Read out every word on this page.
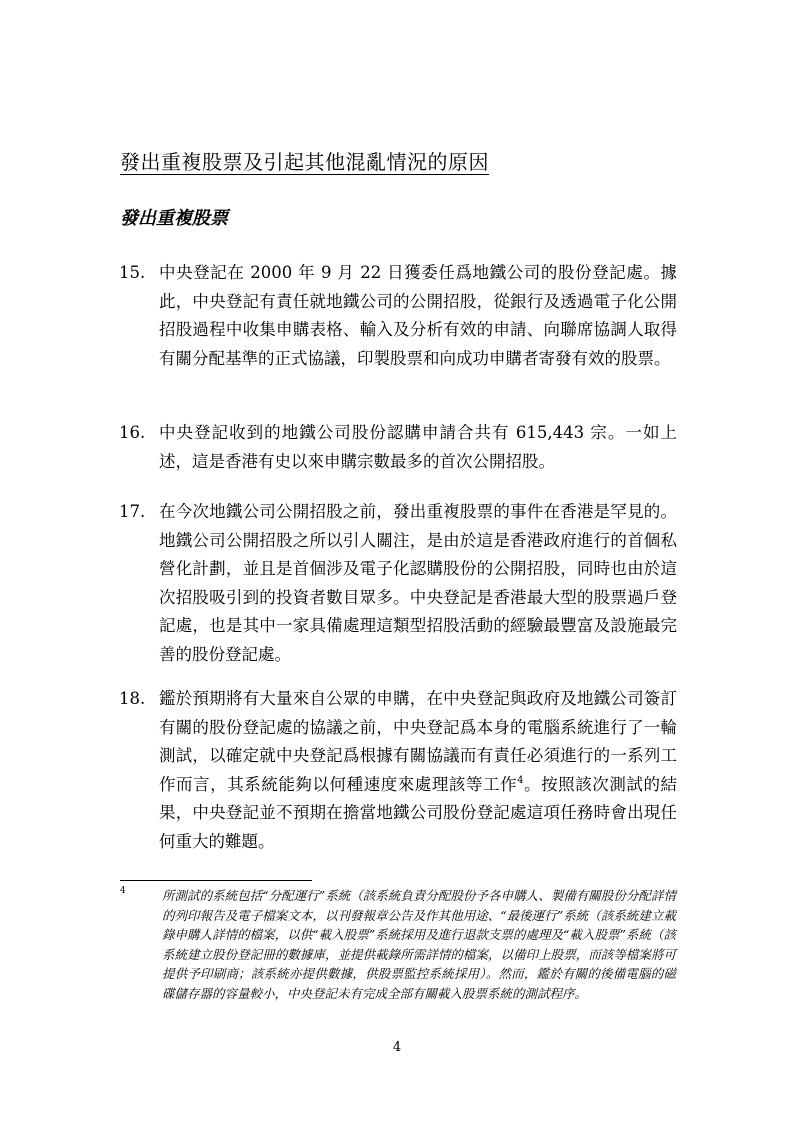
發出重複股票及引起其他混亂情況的原因
發出重複股票
15. 中央登記在 2000 年 9 月 22 日獲委任爲地鐵公司的股份登記處。據此，中央登記有責任就地鐵公司的公開招股，從銀行及透過電子化公開招股過程中收集申購表格、輸入及分析有效的申請、向聯席協調人取得有關分配基準的正式協議，印製股票和向成功申購者寄發有效的股票。
16. 中央登記收到的地鐵公司股份認購申請合共有 615,443 宗。一如上述，這是香港有史以來申購宗數最多的首次公開招股。
17. 在今次地鐵公司公開招股之前，發出重複股票的事件在香港是罕見的。地鐵公司公開招股之所以引人關注，是由於這是香港政府進行的首個私營化計劃，並且是首個涉及電子化認購股份的公開招股，同時也由於這次招股吸引到的投資者數目眾多。中央登記是香港最大型的股票過戶登記處，也是其中一家具備處理這類型招股活動的經驗最豐富及設施最完善的股份登記處。
18. 鑑於預期將有大量來自公眾的申購，在中央登記與政府及地鐵公司簽訂有關的股份登記處的協議之前，中央登記爲本身的電腦系統進行了一輪測試，以確定就中央登記爲根據有關協議而有責任必須進行的一系列工作而言，其系統能夠以何種速度來處理該等工作$^4$。按照該次測試的結果，中央登記並不預期在擔當地鐵公司股份登記處這項任務時會出現任何重大的難題。
4	所測試的系統包括“分配運行”系統（該系統負責分配股份予各申購人、製備有關股份分配詳情的列印報告及電子檔案文本，以刊發報章公告及作其他用途、“最後運行”系統（該系統建立載錄申購人詳情的檔案，以供“載入股票”系統採用及進行退款支票的處理及“載入股票”系統（該系統建立股份登記冊的數據庫，並提供載錄所需詳情的檔案，以備印上股票，而該等檔案將可提供予印刷商；該系統亦提供數據，供股票監控系統採用）。然而，鑑於有關的後備電腦的磁碟儲存器的容量較小，中央登記未有完成全部有關載入股票系統的測試程序。
4
